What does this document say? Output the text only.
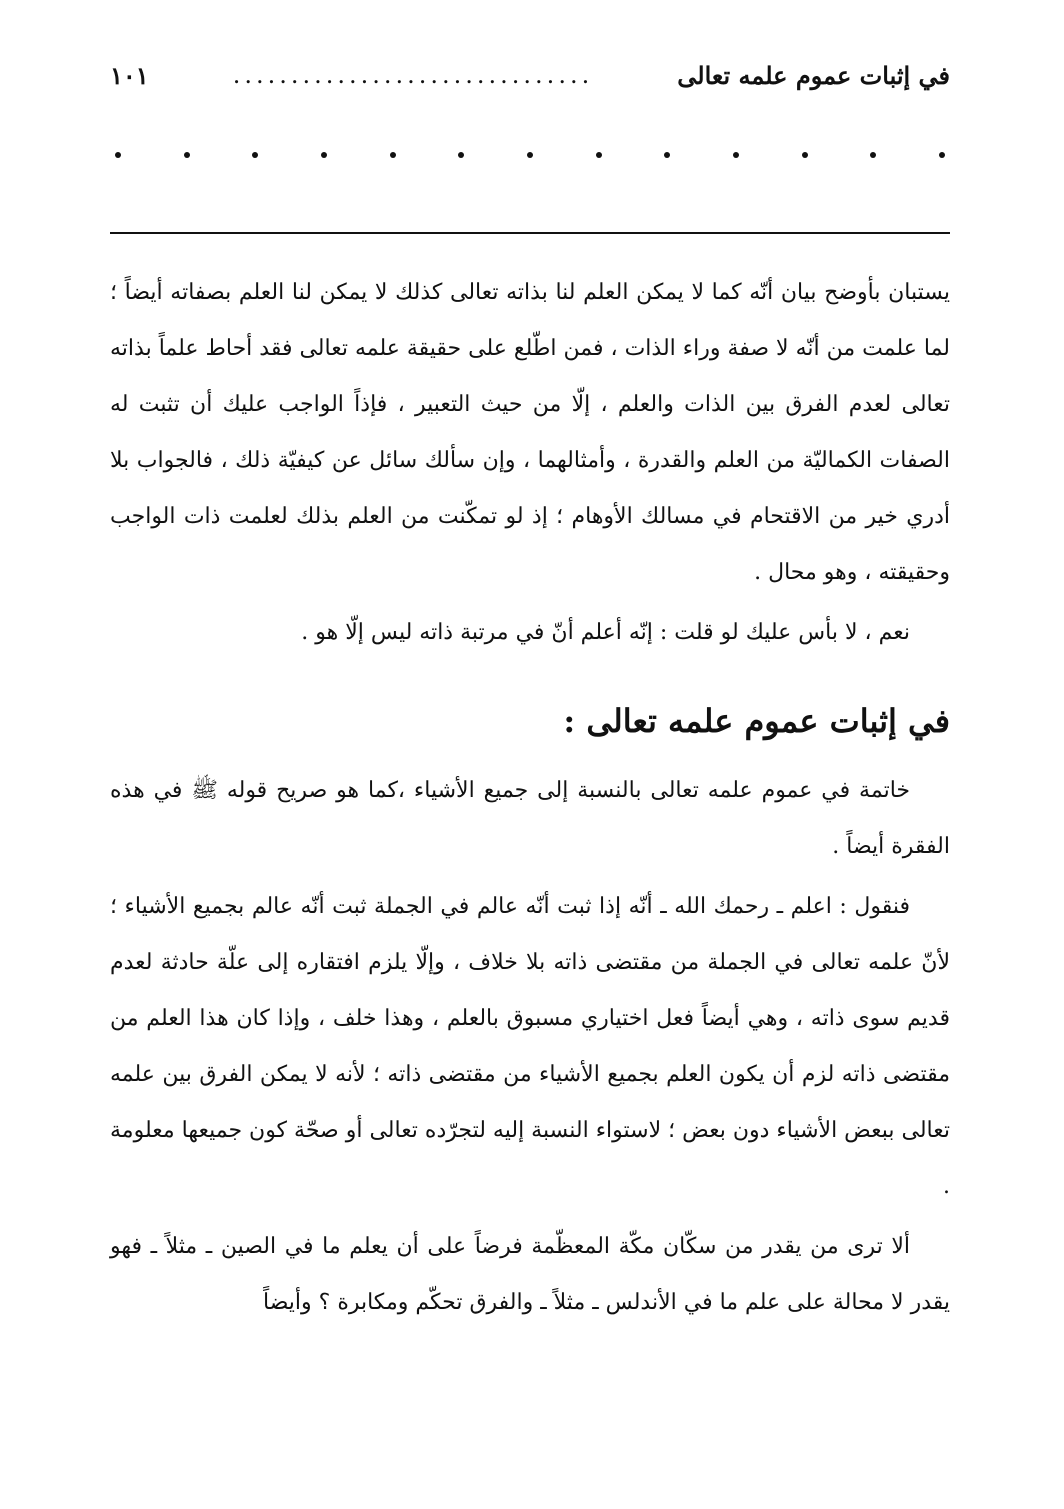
في إثبات عموم علمه تعالى
...............................
١٠١

يستبان بأوضح بيان أنّه كما لا يمكن العلم لنا بذاته تعالى كذلك لا يمكن لنا العلم بصفاته أيضاً ؛ لما علمت من أنّه لا صفة وراء الذات ، فمن اطّلع على حقيقة علمه تعالى فقد أحاط علماً بذاته تعالى لعدم الفرق بين الذات والعلم ، إلّا من حيث التعبير ، فإذاً الواجب عليك أن تثبت له الصفات الكماليّة من العلم والقدرة ، وأمثالهما ، وإن سألك سائل عن كيفيّة ذلك ، فالجواب بلا أدري خير من الاقتحام في مسالك الأوهام ؛ إذ لو تمكّنت من العلم بذلك لعلمت ذات الواجب وحقيقته ، وهو محال .

نعم ، لا بأس عليك لو قلت : إنّه أعلم أنّ في مرتبة ذاته ليس إلّا هو .

في إثبات عموم علمه تعالى :

خاتمة في عموم علمه تعالى بالنسبة إلى جميع الأشياء ،كما هو صريح قوله ﷺ في هذه الفقرة أيضاً .

فنقول : اعلم ـ رحمك الله ـ أنّه إذا ثبت أنّه عالم في الجملة ثبت أنّه عالم بجميع الأشياء ؛ لأنّ علمه تعالى في الجملة من مقتضى ذاته بلا خلاف ، وإلّا يلزم افتقاره إلى علّة حادثة لعدم قديم سوى ذاته ، وهي أيضاً فعل اختياري مسبوق بالعلم ، وهذا خلف ، وإذا كان هذا العلم من مقتضى ذاته لزم أن يكون العلم بجميع الأشياء من مقتضى ذاته ؛ لأنه لا يمكن الفرق بين علمه تعالى ببعض الأشياء دون بعض ؛ لاستواء النسبة إليه لتجرّده تعالى أو صحّة كون جميعها معلومة .

ألا ترى من يقدر من سكّان مكّة المعظّمة فرضاً على أن يعلم ما في الصين ـ مثلاً ـ فهو يقدر لا محالة على علم ما في الأندلس ـ مثلاً ـ والفرق تحكّم ومكابرة ؟ وأيضاً
